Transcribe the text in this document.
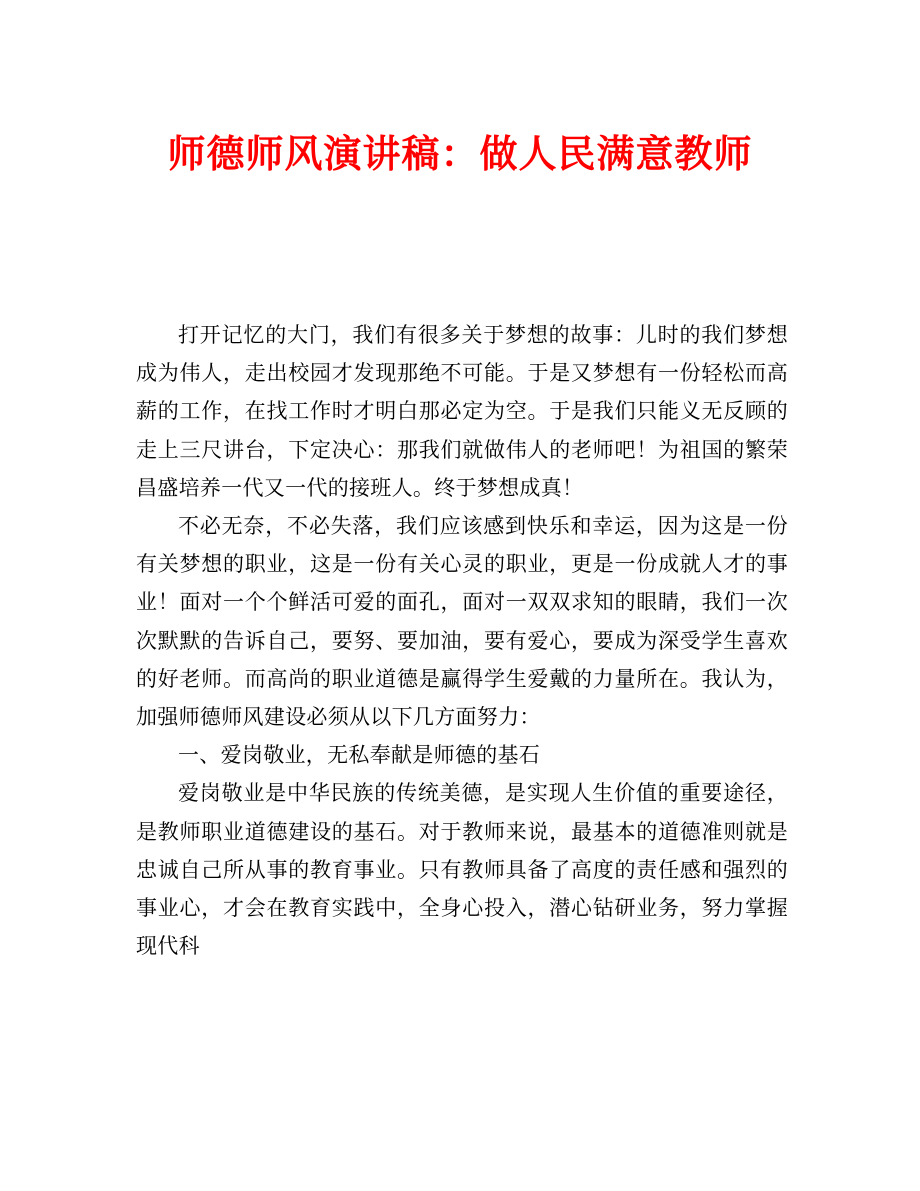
师德师风演讲稿：做人民满意教师

打开记忆的大门，我们有很多关于梦想的故事：儿时的我们梦想成为伟人，走出校园才发现那绝不可能。于是又梦想有一份轻松而高薪的工作，在找工作时才明白那必定为空。于是我们只能义无反顾的走上三尺讲台，下定决心：那我们就做伟人的老师吧！为祖国的繁荣昌盛培养一代又一代的接班人。终于梦想成真！

不必无奈，不必失落，我们应该感到快乐和幸运，因为这是一份有关梦想的职业，这是一份有关心灵的职业，更是一份成就人才的事业！面对一个个鲜活可爱的面孔，面对一双双求知的眼睛，我们一次次默默的告诉自己，要努、要加油，要有爱心，要成为深受学生喜欢的好老师。而高尚的职业道德是赢得学生爱戴的力量所在。我认为，加强师德师风建设必须从以下几方面努力：

一、爱岗敬业，无私奉献是师德的基石

爱岗敬业是中华民族的传统美德，是实现人生价值的重要途径，是教师职业道德建设的基石。对于教师来说，最基本的道德准则就是忠诚自己所从事的教育事业。只有教师具备了高度的责任感和强烈的事业心，才会在教育实践中，全身心投入，潜心钻研业务，努力掌握现代科
